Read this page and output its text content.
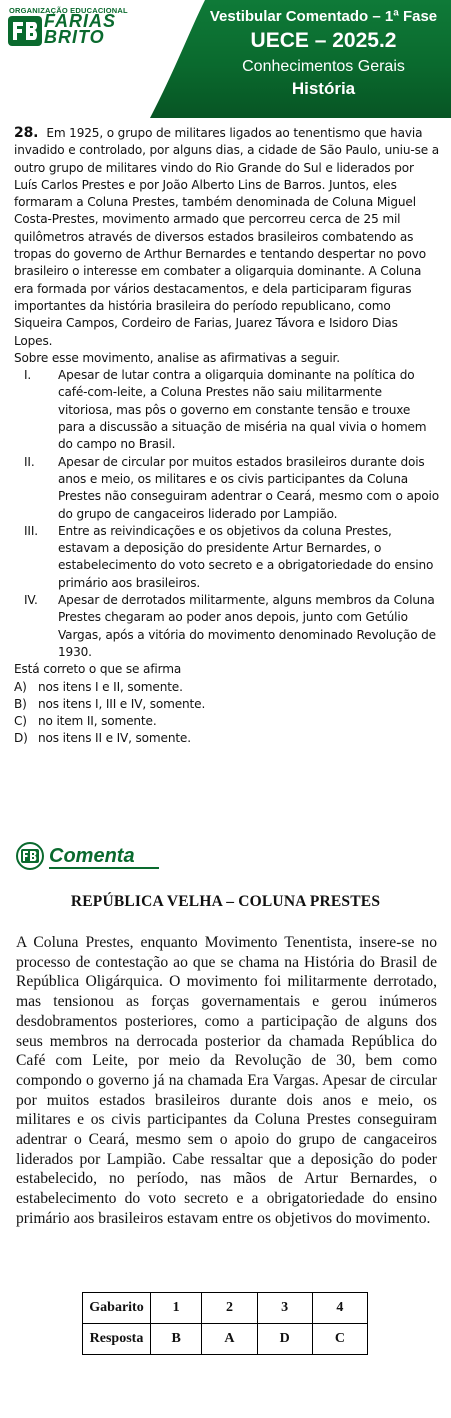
ORGANIZAÇÃO EDUCACIONAL
FARIAS
BRITO
Vestibular Comentado – 1ª Fase
UECE – 2025.2
Conhecimentos Gerais
História

28. Em 1925, o grupo de militares ligados ao tenentismo que havia invadido e controlado, por alguns dias, a cidade de São Paulo, uniu-se a outro grupo de militares vindo do Rio Grande do Sul e liderados por Luís Carlos Prestes e por João Alberto Lins de Barros. Juntos, eles formaram a Coluna Prestes, também denominada de Coluna Miguel Costa-Prestes, movimento armado que percorreu cerca de 25 mil quilômetros através de diversos estados brasileiros combatendo as tropas do governo de Arthur Bernardes e tentando despertar no povo brasileiro o interesse em combater a oligarquia dominante. A Coluna era formada por vários destacamentos, e dela participaram figuras importantes da história brasileira do período republicano, como Siqueira Campos, Cordeiro de Farias, Juarez Távora e Isidoro Dias Lopes.

Sobre esse movimento, analise as afirmativas a seguir.

I.	Apesar de lutar contra a oligarquia dominante na política do café-com-leite, a Coluna Prestes não saiu militarmente vitoriosa, mas pôs o governo em constante tensão e trouxe para a discussão a situação de miséria na qual vivia o homem do campo no Brasil.
II.	Apesar de circular por muitos estados brasileiros durante dois anos e meio, os militares e os civis participantes da Coluna Prestes não conseguiram adentrar o Ceará, mesmo com o apoio do grupo de cangaceiros liderado por Lampião.
III.	Entre as reivindicações e os objetivos da coluna Prestes, estavam a deposição do presidente Artur Bernardes, o estabelecimento do voto secreto e a obrigatoriedade do ensino primário aos brasileiros.
IV.	Apesar de derrotados militarmente, alguns membros da Coluna Prestes chegaram ao poder anos depois, junto com Getúlio Vargas, após a vitória do movimento denominado Revolução de 1930.

Está correto o que se afirma

A) nos itens I e II, somente.
B) nos itens I, III e IV, somente.
C) no item II, somente.
D) nos itens II e IV, somente.
Comenta
REPÚBLICA VELHA – COLUNA PRESTES
A Coluna Prestes, enquanto Movimento Tenentista, insere-se no processo de contestação ao que se chama na História do Brasil de República Oligárquica. O movimento foi militarmente derrotado, mas tensionou as forças governamentais e gerou inúmeros desdobramentos posteriores, como a participação de alguns dos seus membros na derrocada posterior da chamada República do Café com Leite, por meio da Revolução de 30, bem como compondo o governo já na chamada Era Vargas. Apesar de circular por muitos estados brasileiros durante dois anos e meio, os militares e os civis participantes da Coluna Prestes conseguiram adentrar o Ceará, mesmo sem o apoio do grupo de cangaceiros liderados por Lampião. Cabe ressaltar que a deposição do poder estabelecido, no período, nas mãos de Artur Bernardes, o estabelecimento do voto secreto e a obrigatoriedade do ensino primário aos brasileiros estavam entre os objetivos do movimento.
Gabarito	1	2	3	4
Resposta	B	A	D	C
